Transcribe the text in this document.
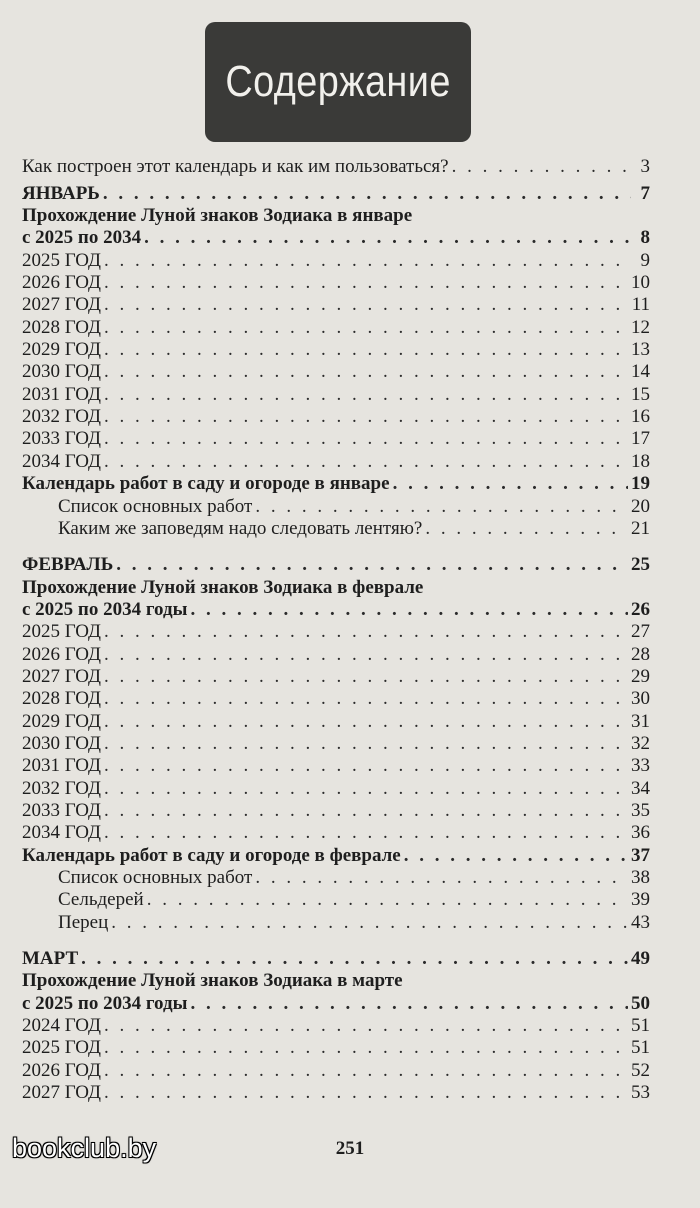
Содержание
Как построен этот календарь и как им пользоваться? . . .	3
ЯНВАРЬ . . .	7
Прохождение Луной знаков Зодиака в январе
с 2025 по 2034 . . .	8
2025 ГОД . . .	9
2026 ГОД . . .	10
2027 ГОД . . .	11
2028 ГОД . . .	12
2029 ГОД . . .	13
2030 ГОД . . .	14
2031 ГОД . . .	15
2032 ГОД . . .	16
2033 ГОД . . .	17
2034 ГОД . . .	18
Календарь работ в саду и огороде в январе . . .	19
Список основных работ . . .	20
Каким же заповедям надо следовать лентяю? . . .	21
ФЕВРАЛЬ . . .	25
Прохождение Луной знаков Зодиака в феврале
с 2025 по 2034 годы . . .	26
2025 ГОД . . .	27
2026 ГОД . . .	28
2027 ГОД . . .	29
2028 ГОД . . .	30
2029 ГОД . . .	31
2030 ГОД . . .	32
2031 ГОД . . .	33
2032 ГОД . . .	34
2033 ГОД . . .	35
2034 ГОД . . .	36
Календарь работ в саду и огороде в феврале . . .	37
Список основных работ . . .	38
Сельдерей . . .	39
Перец . . .	43
МАРТ . . .	49
Прохождение Луной знаков Зодиака в марте
с 2025 по 2034 годы . . .	50
2024 ГОД . . .	51
2025 ГОД . . .	51
2026 ГОД . . .	52
2027 ГОД . . .	53
251
bookclub.by
